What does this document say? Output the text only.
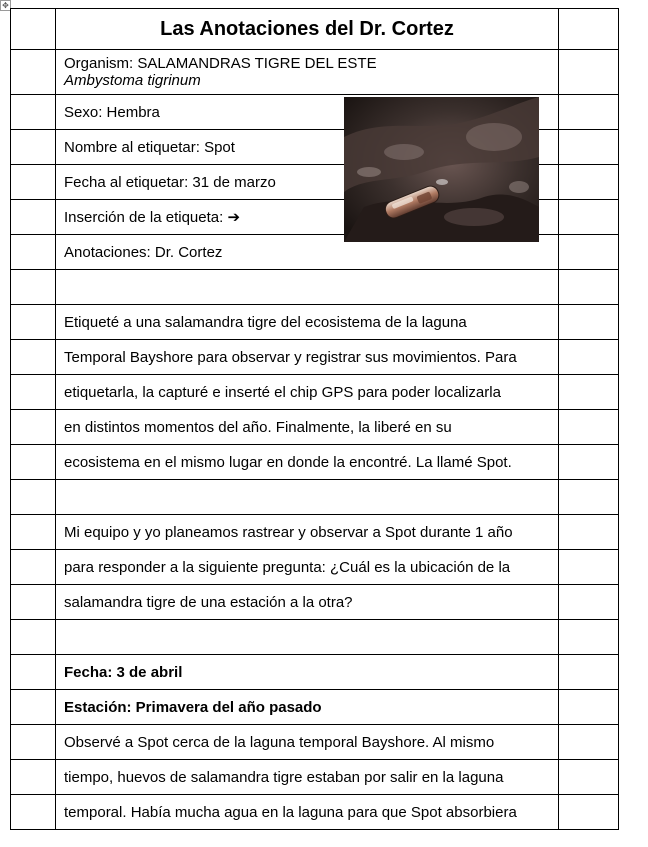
✥
	Las Anotaciones del Dr. Cortez	

	Organism: SALAMANDRAS TIGRE DEL ESTE
Ambystoma tigrinum	

	Sexo: Hembra	
	Nombre al etiquetar: Spot	
	Fecha al etiquetar: 31 de marzo	
	Inserción de la etiqueta: ➔	
	Anotaciones: Dr. Cortez	

	Etiqueté a una salamandra tigre del ecosistema de la laguna	
	Temporal Bayshore para observar y registrar sus movimientos. Para	
	etiquetarla, la capturé e inserté el chip GPS para poder localizarla	
	en distintos momentos del año. Finalmente, la liberé en su	
	ecosistema en el mismo lugar en donde la encontré. La llamé Spot.	

	Mi equipo y yo planeamos rastrear y observar a Spot durante 1 año	
	para responder a la siguiente pregunta: ¿Cuál es la ubicación de la	
	salamandra tigre de una estación a la otra?	

	Fecha: 3 de abril	
	Estación: Primavera del año pasado	
	Observé a Spot cerca de la laguna temporal Bayshore. Al mismo	
	tiempo, huevos de salamandra tigre estaban por salir en la laguna	
	temporal. Había mucha agua en la laguna para que Spot absorbiera	
